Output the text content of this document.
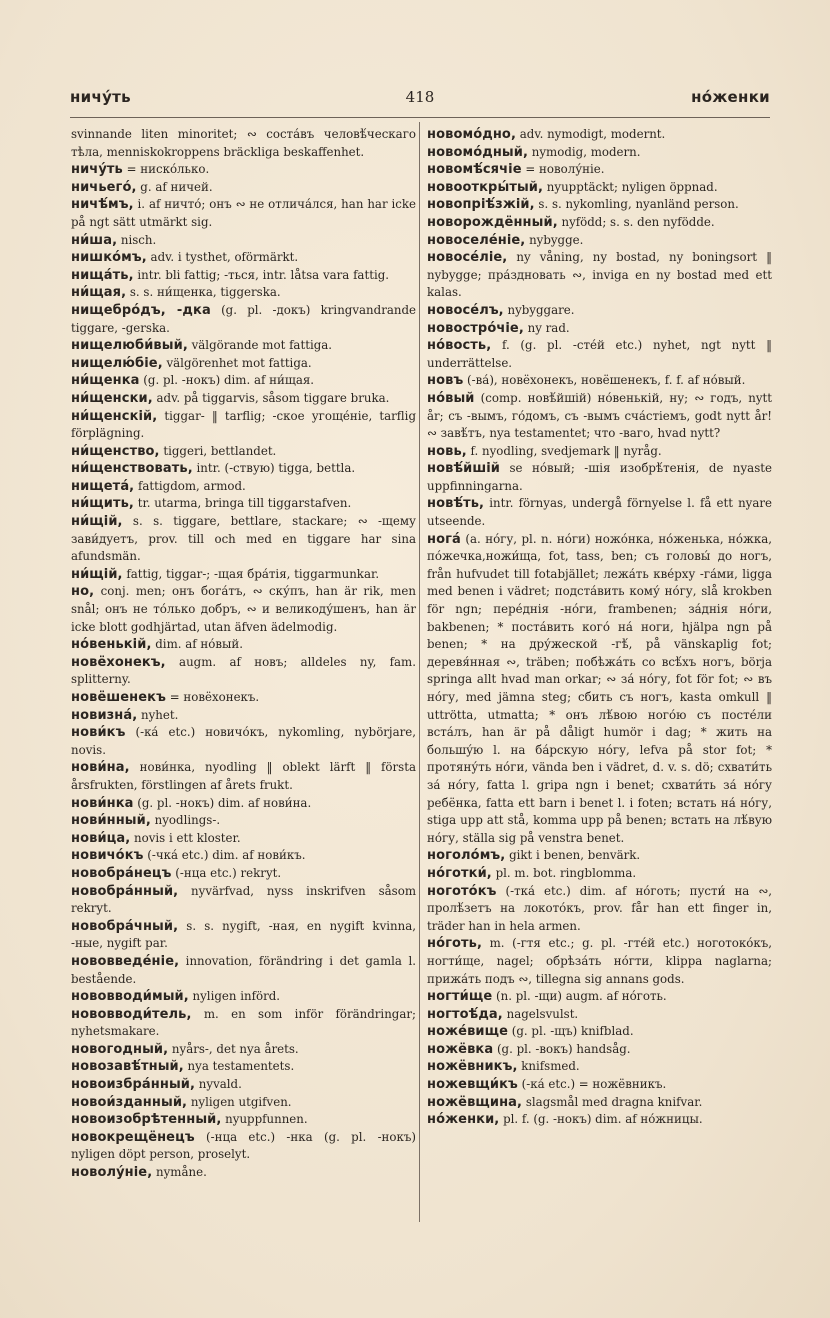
ничу́ть	418	но́женки

svinnande liten minoritet; ∾ соста́въ человѣ́ческаго тѣла, menniskokroppens bräckliga beskaffenhet.

ничу́ть = ниско́лько.

ничьего́, g. af ничей.

ничѣ́мъ, i. af ничто́; онъ ∾ не отлича́лся, han har icke på ngt sätt utmärkt sig.

ни́ша, nisch.

нишко́мъ, adv. i tysthet, oförmärkt.

нища́ть, intr. bli fattig; -ться, intr. låtsa vara fattig.

ни́щая, s. s. ни́щенка, tiggerska.

нищебро́дъ, -дка (g. pl. -докъ) kringvandrande tiggare, -gerska.

нищелюби́вый, välgörande mot fattiga.

нищелю́біе, välgörenhet mot fattiga.

ни́щенка (g. pl. -нокъ) dim. af ни́щая.

ни́щенски, adv. på tiggarvis, såsom tiggare bruka.

ни́щенскій, tiggar- ‖ tarflig; -ское угоще́ніе, tarflig förplägning.

ни́щенство, tiggeri, bettlandet.

ни́щенствовать, intr. (-ствую) tigga, bettla.

нищета́, fattigdom, armod.

ни́щить, tr. utarma, bringa till tiggarstafven.

ни́щій, s. s. tiggare, bettlare, stackare; ∾ -щему зави́дуетъ, prov. till och med en tiggare har sina afundsmän.

ни́щій, fattig, tiggar-; -щая бра́тія, tiggarmunkar.

но, conj. men; онъ бога́тъ, ∾ ску́пъ, han är rik, men snål; онъ не то́лько добръ, ∾ и великоду́шенъ, han är icke blott godhjärtad, utan äfven ädelmodig.

но́венькій, dim. af но́вый.

новёхонекъ, augm. af новъ; alldeles ny, fam. splitterny.

новёшенекъ = новёхонекъ.

новизна́, nyhet.

нови́къ (-ка́ etc.) новичо́къ, nykomling, nybörjare, novis.

нови́на, нови́нка, nyodling ‖ oblekt lärft ‖ första årsfrukten, förstlingen af årets frukt.

нови́нка (g. pl. -нокъ) dim. af нови́на.

нови́нный, nyodlings-.

нови́ца, novis i ett kloster.

новичо́къ (-чка́ etc.) dim. af нови́къ.

новобра́нецъ (-нца etc.) rekryt.

новобра́нный, nyvärfvad, nyss inskrifven såsom rekryt.

новобра́чный, s. s. nygift, -ная, en nygift kvinna, -ные, nygift par.

нововведе́ніе, innovation, förändring i det gamla l. bestående.

нововводи́мый, nyligen införd.

нововводи́тель, m. en som inför förändringar; nyhetsmakare.

новогодный, nyårs-, det nya årets.

новозавѣ́тный, nya testamentets.

новоизбра́нный, nyvald.

новои́зданный, nyligen utgifven.

новоизобрѣтенный, nyuppfunnen.

новокрещёнецъ (-нца etc.) -нка (g. pl. -нокъ) nyligen döpt person, proselyt.

новолу́ніе, nymåne.

новомо́дно, adv. nymodigt, modernt.

новомо́дный, nymodig, modern.

новомѣ́сячіе = новолу́ніе.

новооткры́тый, nyupptäckt; nyligen öppnad.

новопріѣ́зжій, s. s. nykomling, nyanländ person.

новорождённый, nyfödd; s. s. den nyfödde.

новоселе́ніе, nybygge.

новосе́ліе, ny våning, ny bostad, ny boningsort ‖ nybygge; пра́здновать ∾, inviga en ny bostad med ett kalas.

новосе́лъ, nybyggare.

новостро́чіе, ny rad.

но́вость, f. (g. pl. -сте́й etc.) nyhet, ngt nytt ‖ underrättelse.

новъ (-ва́), новёхонекъ, новёшенекъ, f. f. af но́вый.

но́вый (comp. новѣ́йшій) но́венькій, ну; ∾ годъ, nytt år; съ -вымъ, го́домъ, съ -вымъ сча́стіемъ, godt nytt år! ∾ завѣ́тъ, nya testamentet; что -ваго, hvad nytt?

новь, f. nyodling, svedjemark ‖ nyråg.

новѣ́йшій se но́вый; -шія изобрѣ́тенія, de nyaste uppfinningarna.

новѣ́ть, intr. förnyas, undergå förnyelse l. få ett nyare utseende.

нога́ (a. но́гу, pl. n. но́ги) ножо́нка, но́женька, но́жка, по́жечка,ножи́ща, fot, tass, ben; съ головы́ до ногъ, från hufvudet till fotabjället; лежа́ть кве́рху -га́ми, ligga med benen i vädret; подста́вить кому́ но́гу, slå krokben för ngn; пере́днія -но́ги, frambenen; за́днія но́ги, bakbenen; * поста́вить кого́ на́ ноги, hjälpa ngn på benen; * на дру́жеской -гѣ́, på vänskaplig fot; деревя́нная ∾, träben; побѣжа́ть со всѣ́хъ ногъ, börja springa allt hvad man orkar; ∾ за́ но́гу, fot för fot; ∾ въ но́гу, med jämna steg; сбить съ ногъ, kasta omkull ‖ uttrötta, utmatta; * онъ лѣ́вою ного́ю съ посте́ли вста́лъ, han är på dåligt humör i dag; * жить на большу́ю l. на ба́рскую но́гу, lefva på stor fot; * протяну́ть но́ги, vända ben i vädret, d. v. s. dö; схвати́ть за́ но́гу, fatta l. gripa ngn i benet; схвати́ть за́ но́гу ребёнка, fatta ett barn i benet l. i foten; встать на́ но́гу, stiga upp att stå, komma upp på benen; встать на лѣ́вую но́гу, ställa sig på venstra benet.

ноголо́мъ, gikt i benen, benvärk.

но́готки́, pl. m. bot. ringblomma.

ногото́къ (-тка́ etc.) dim. af но́готь; пусти́ на ∾, пролѣ́зетъ на локото́къ, prov. får han ett finger in, träder han in hela armen.

но́готь, m. (-гтя etc.; g. pl. -гте́й etc.) ноготоко́къ, ногти́ще, nagel; обрѣза́ть но́гти, klippa naglarna; прижа́ть подъ ∾, tillegna sig annans gods.

ногти́ще (n. pl. -щи) augm. af но́готь.

ногтоѣ́да, nagelsvulst.

ноже́вище (g. pl. -щъ) knifblad.

ножёвка (g. pl. -вокъ) handsåg.

ножёвникъ, knifsmed.

ножевщи́къ (-ка́ etc.) = ножёвникъ.

ножёвщина, slagsmål med dragna knifvar.

но́женки, pl. f. (g. -нокъ) dim. af но́жницы.
